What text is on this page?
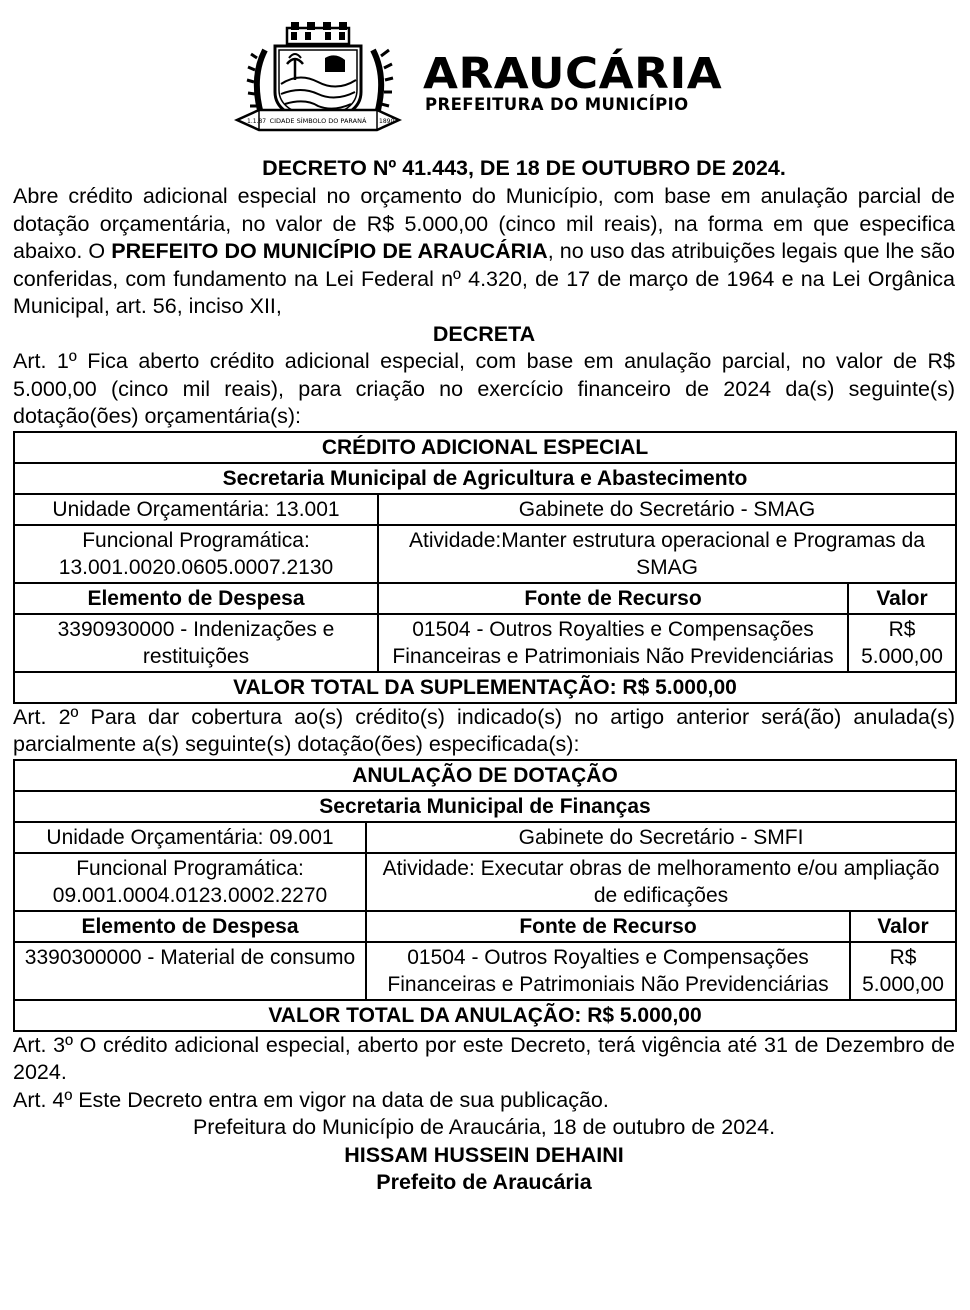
1.1.87 CIDADE SÍMBOLO DO PARANÁ 1890
ARAUCÁRIA
PREFEITURA DO MUNICÍPIO
DECRETO Nº 41.443, DE 18 DE OUTUBRO DE 2024.
Abre crédito adicional especial no orçamento do Município, com base em anulação parcial de dotação orçamentária, no valor de R$ 5.000,00 (cinco mil reais), na forma em que especifica abaixo. O PREFEITO DO MUNICÍPIO DE ARAUCÁRIA, no uso das atribuições legais que lhe são conferidas, com fundamento na Lei Federal nº 4.320, de 17 de março de 1964 e na Lei Orgânica Municipal, art. 56, inciso XII,
DECRETA
Art. 1º Fica aberto crédito adicional especial, com base em anulação parcial, no valor de R$ 5.000,00 (cinco mil reais), para criação no exercício financeiro de 2024 da(s) seguinte(s) dotação(ões) orçamentária(s):
CRÉDITO ADICIONAL ESPECIAL		
Secretaria Municipal de Agricultura e Abastecimento		
Unidade Orçamentária: 13.001	Gabinete do Secretário - SMAG	
Funcional Programática: 13.001.0020.0605.0007.2130	Atividade:Manter estrutura operacional e Programas da SMAG	
Elemento de Despesa	Fonte de Recurso	Valor
3390930000 - Indenizações e restituições	01504 - Outros Royalties e Compensações Financeiras e Patrimoniais Não Previdenciárias	R$ 5.000,00
VALOR TOTAL DA SUPLEMENTAÇÃO: R$ 5.000,00		
Art. 2º Para dar cobertura ao(s) crédito(s) indicado(s) no artigo anterior será(ão) anulada(s) parcialmente a(s) seguinte(s) dotação(ões) especificada(s):
ANULAÇÃO DE DOTAÇÃO		
Secretaria Municipal de Finanças		
Unidade Orçamentária: 09.001	Gabinete do Secretário - SMFI	
Funcional Programática: 09.001.0004.0123.0002.2270	Atividade: Executar obras de melhoramento e/ou ampliação de edificações	
Elemento de Despesa	Fonte de Recurso	Valor
3390300000 - Material de consumo	01504 - Outros Royalties e Compensações Financeiras e Patrimoniais Não Previdenciárias	R$ 5.000,00
VALOR TOTAL DA ANULAÇÃO: R$ 5.000,00		
Art. 3º O crédito adicional especial, aberto por este Decreto, terá vigência até 31 de Dezembro de 2024.
Art. 4º Este Decreto entra em vigor na data de sua publicação.
Prefeitura do Município de Araucária, 18 de outubro de 2024.
HISSAM HUSSEIN DEHAINI
Prefeito de Araucária
